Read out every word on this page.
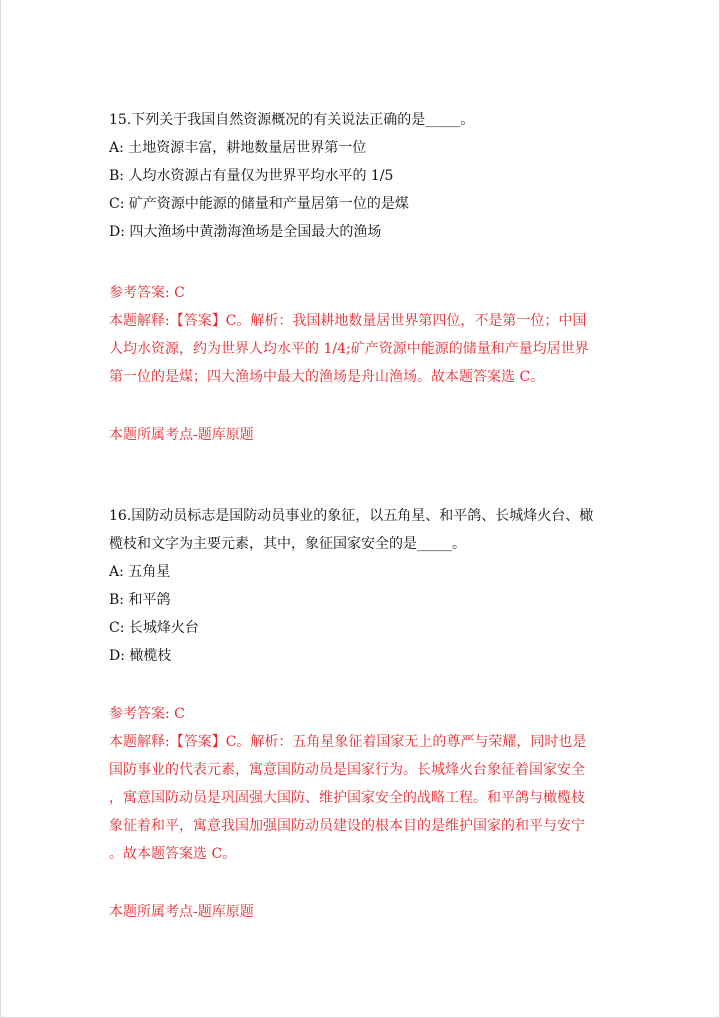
15.下列关于我国自然资源概况的有关说法正确的是_____。
A: 土地资源丰富，耕地数量居世界第一位
B: 人均水资源占有量仅为世界平均水平的 1/5
C: 矿产资源中能源的储量和产量居第一位的是煤
D: 四大渔场中黄渤海渔场是全国最大的渔场
参考答案: C
本题解释:【答案】C。解析：我国耕地数量居世界第四位，不是第一位；中国
人均水资源，约为世界人均水平的 1/4;矿产资源中能源的储量和产量均居世界
第一位的是煤；四大渔场中最大的渔场是舟山渔场。故本题答案选 C。
本题所属考点-题库原题
16.国防动员标志是国防动员事业的象征，以五角星、和平鸽、长城烽火台、橄
榄枝和文字为主要元素，其中，象征国家安全的是_____。
A: 五角星
B: 和平鸽
C: 长城烽火台
D: 橄榄枝
参考答案: C
本题解释:【答案】C。解析：五角星象征着国家无上的尊严与荣耀，同时也是
国防事业的代表元素，寓意国防动员是国家行为。长城烽火台象征着国家安全
，寓意国防动员是巩固强大国防、维护国家安全的战略工程。和平鸽与橄榄枝
象征着和平，寓意我国加强国防动员建设的根本目的是维护国家的和平与安宁
。故本题答案选 C。
本题所属考点-题库原题
